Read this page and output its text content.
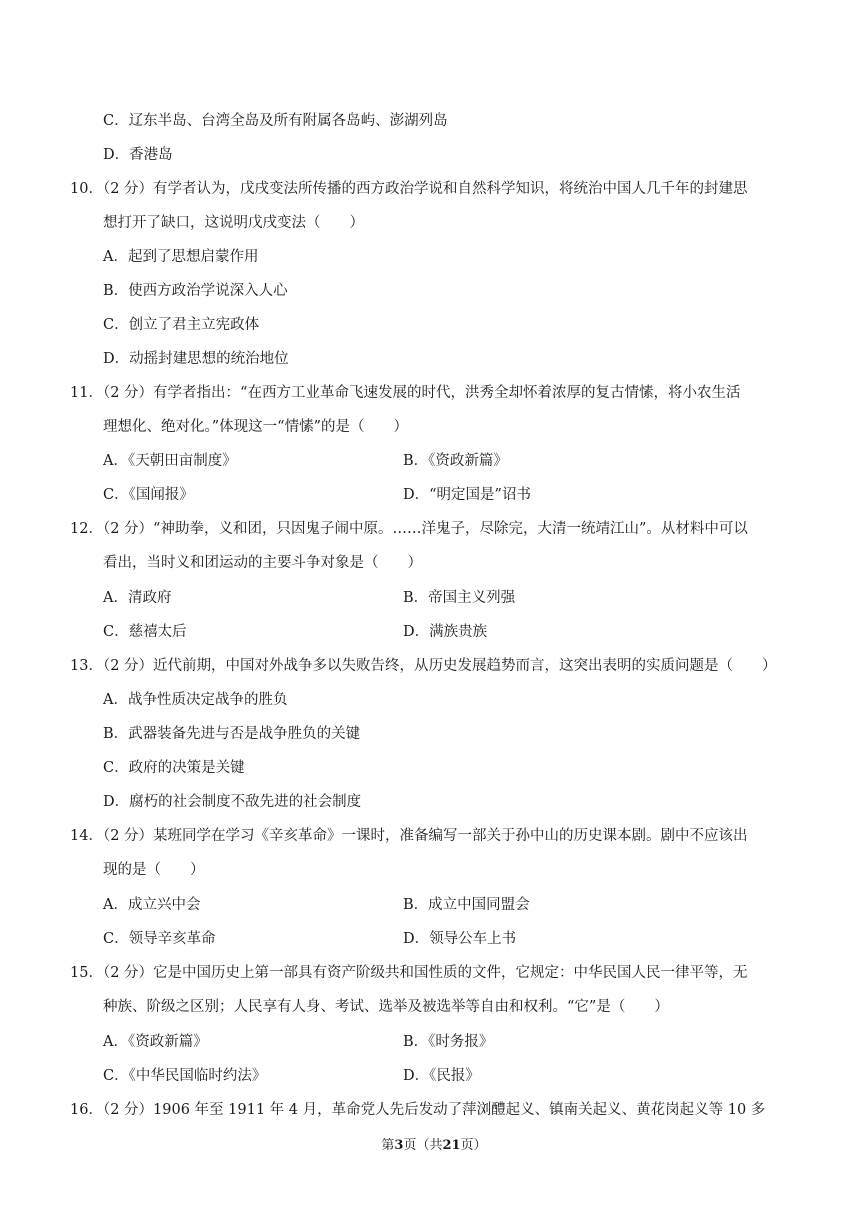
C．辽东半岛、台湾全岛及所有附属各岛屿、澎湖列岛
D．香港岛
10．（2 分）有学者认为，戊戌变法所传播的西方政治学说和自然科学知识，将统治中国人几千年的封建思
想打开了缺口，这说明戊戌变法（　　）
A．起到了思想启蒙作用
B．使西方政治学说深入人心
C．创立了君主立宪政体
D．动摇封建思想的统治地位
11．（2 分）有学者指出：“在西方工业革命飞速发展的时代，洪秀全却怀着浓厚的复古情愫，将小农生活
理想化、绝对化。”体现这一“情愫”的是（　　）
A．《天朝田亩制度》	B．《资政新篇》
C．《国闻报》	D．“明定国是”诏书
12．（2 分）“神助拳，义和团，只因鬼子闹中原。……洋鬼子，尽除完，大清一统靖江山”。从材料中可以
看出，当时义和团运动的主要斗争对象是（　　）
A．清政府	B．帝国主义列强
C．慈禧太后	D．满族贵族
13．（2 分）近代前期，中国对外战争多以失败告终，从历史发展趋势而言，这突出表明的实质问题是（　　）
A．战争性质决定战争的胜负
B．武器装备先进与否是战争胜负的关键
C．政府的决策是关键
D．腐朽的社会制度不敌先进的社会制度
14．（2 分）某班同学在学习《辛亥革命》一课时，准备编写一部关于孙中山的历史课本剧。剧中不应该出
现的是（　　）
A．成立兴中会	B．成立中国同盟会
C．领导辛亥革命	D．领导公车上书
15．（2 分）它是中国历史上第一部具有资产阶级共和国性质的文件，它规定：中华民国人民一律平等，无
种族、阶级之区别；人民享有人身、考试、选举及被选举等自由和权利。“它”是（　　）
A．《资政新篇》	B．《时务报》
C．《中华民国临时约法》	D．《民报》
16．（2 分）1906 年至 1911 年 4 月，革命党人先后发动了萍浏醴起义、镇南关起义、黄花岗起义等 10 多
第3页（共21页）
